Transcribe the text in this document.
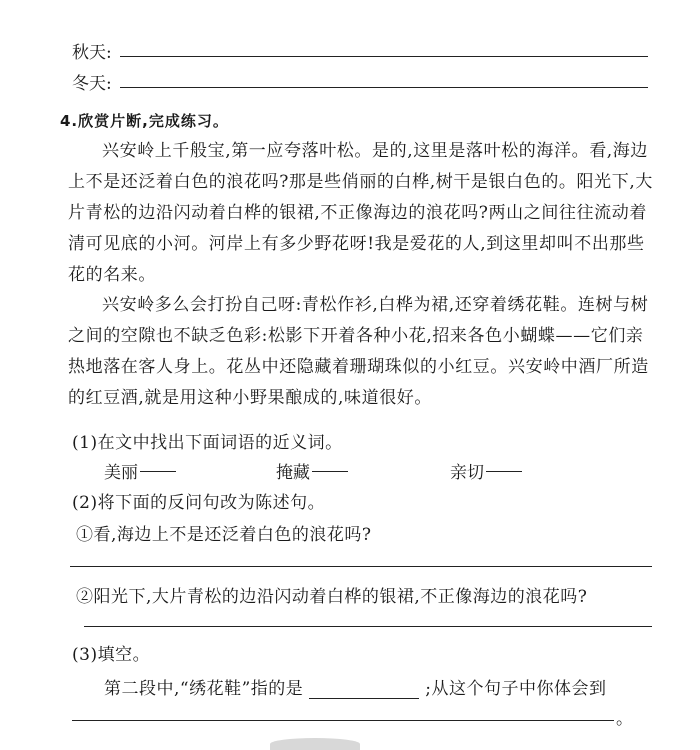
秋天:
冬天:
4.欣赏片断,完成练习。

兴安岭上千般宝,第一应夸落叶松。是的,这里是落叶松的海洋。看,海边上不是还泛着白色的浪花吗?那是些俏丽的白桦,树干是银白色的。阳光下,大片青松的边沿闪动着白桦的银裙,不正像海边的浪花吗?两山之间往往流动着清可见底的小河。河岸上有多少野花呀!我是爱花的人,到这里却叫不出那些花的名来。

兴安岭多么会打扮自己呀:青松作衫,白桦为裙,还穿着绣花鞋。连树与树之间的空隙也不缺乏色彩:松影下开着各种小花,招来各色小蝴蝶——它们亲热地落在客人身上。花丛中还隐藏着珊瑚珠似的小红豆。兴安岭中酒厂所造的红豆酒,就是用这种小野果酿成的,味道很好。

(1)在文中找出下面词语的近义词。
美丽	掩藏	亲切
(2)将下面的反问句改为陈述句。
①看,海边上不是还泛着白色的浪花吗?
②阳光下,大片青松的边沿闪动着白桦的银裙,不正像海边的浪花吗?
(3)填空。
第二段中,“绣花鞋”指的是	;从这个句子中你体会到
。
